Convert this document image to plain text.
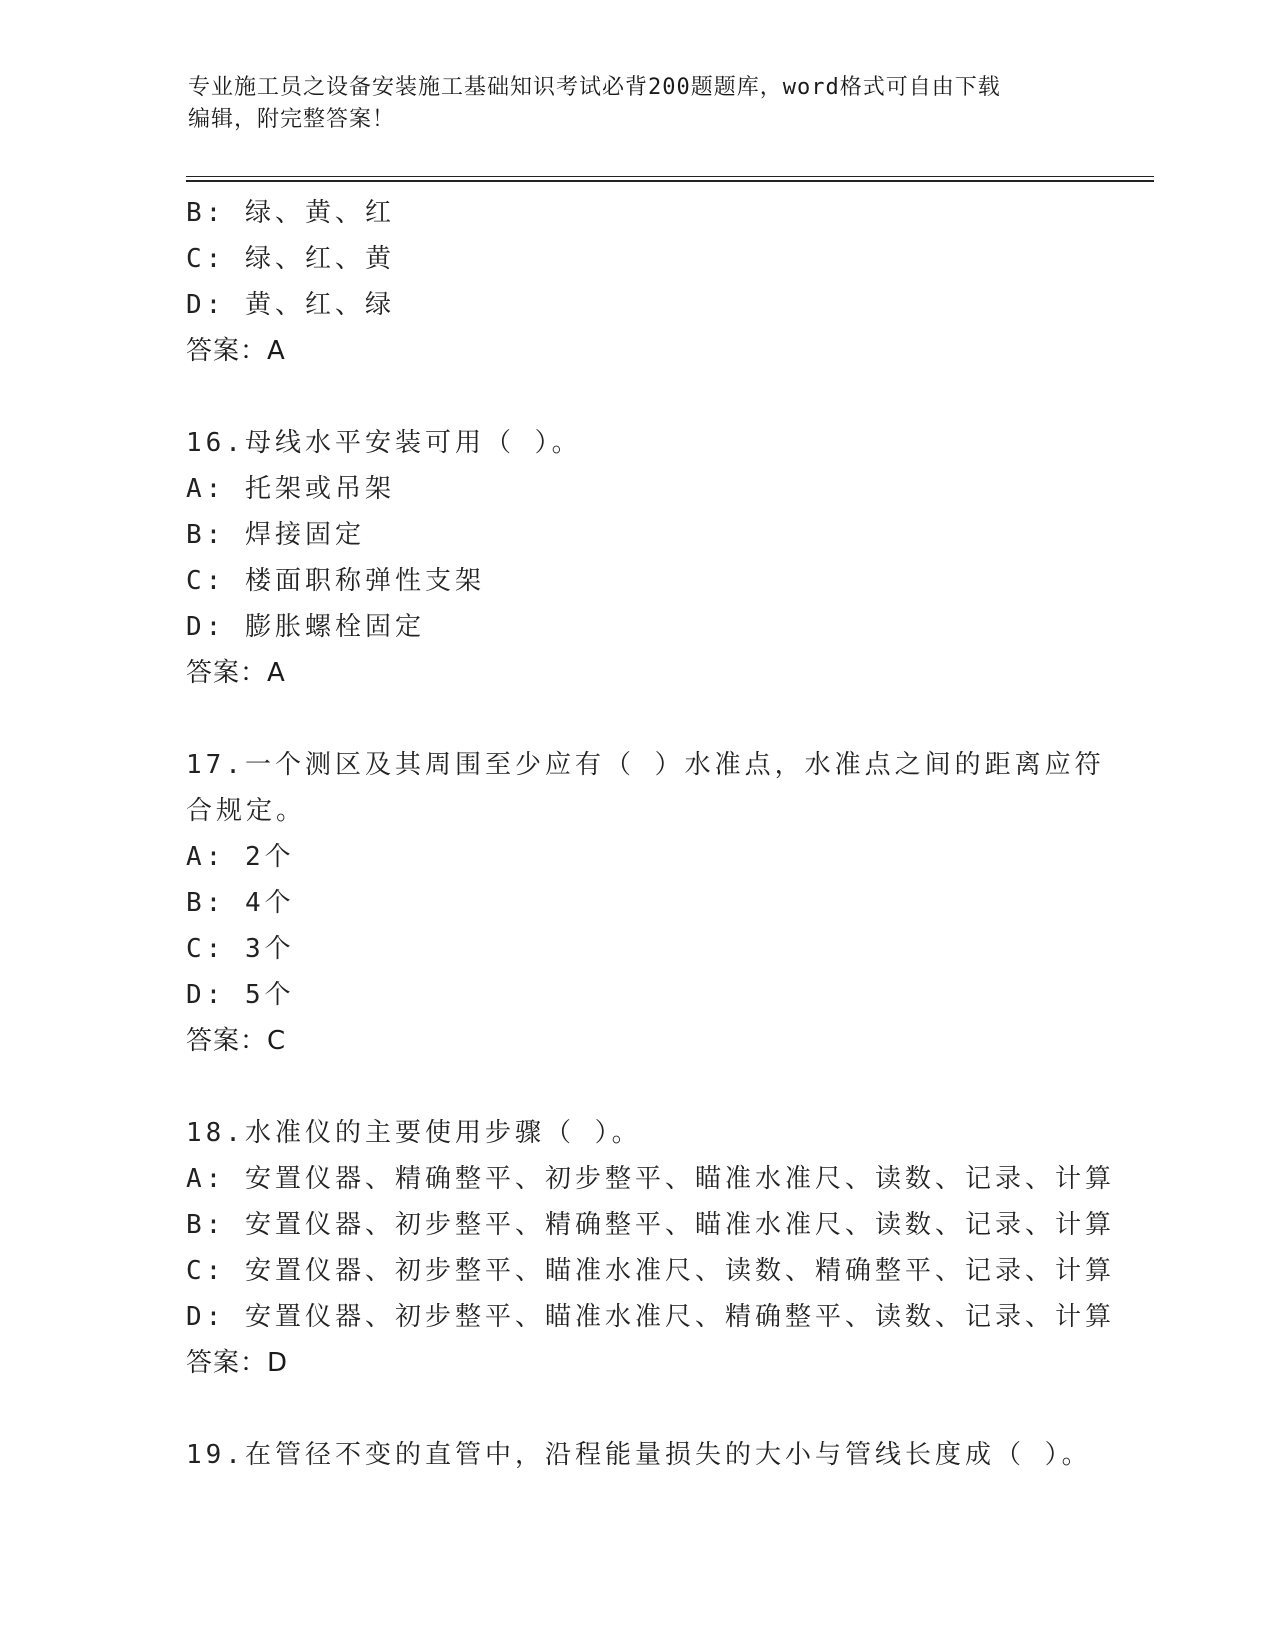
专业施工员之设备安装施工基础知识考试必背200题题库，word格式可自由下载
编辑，附完整答案！
B: 绿、黄、红
C: 绿、红、黄
D: 黄、红、绿
答案：A
16.母线水平安装可用（ ）。
A: 托架或吊架
B: 焊接固定
C: 楼面职称弹性支架
D: 膨胀螺栓固定
答案：A
17.一个测区及其周围至少应有（ ）水准点，水准点之间的距离应符
合规定。
A: 2个
B: 4个
C: 3个
D: 5个
答案：C
18.水准仪的主要使用步骤（ ）。
A: 安置仪器、精确整平、初步整平、瞄准水准尺、读数、记录、计算
B: 安置仪器、初步整平、精确整平、瞄准水准尺、读数、记录、计算
C: 安置仪器、初步整平、瞄准水准尺、读数、精确整平、记录、计算
D: 安置仪器、初步整平、瞄准水准尺、精确整平、读数、记录、计算
答案：D
19.在管径不变的直管中，沿程能量损失的大小与管线长度成（ ）。
